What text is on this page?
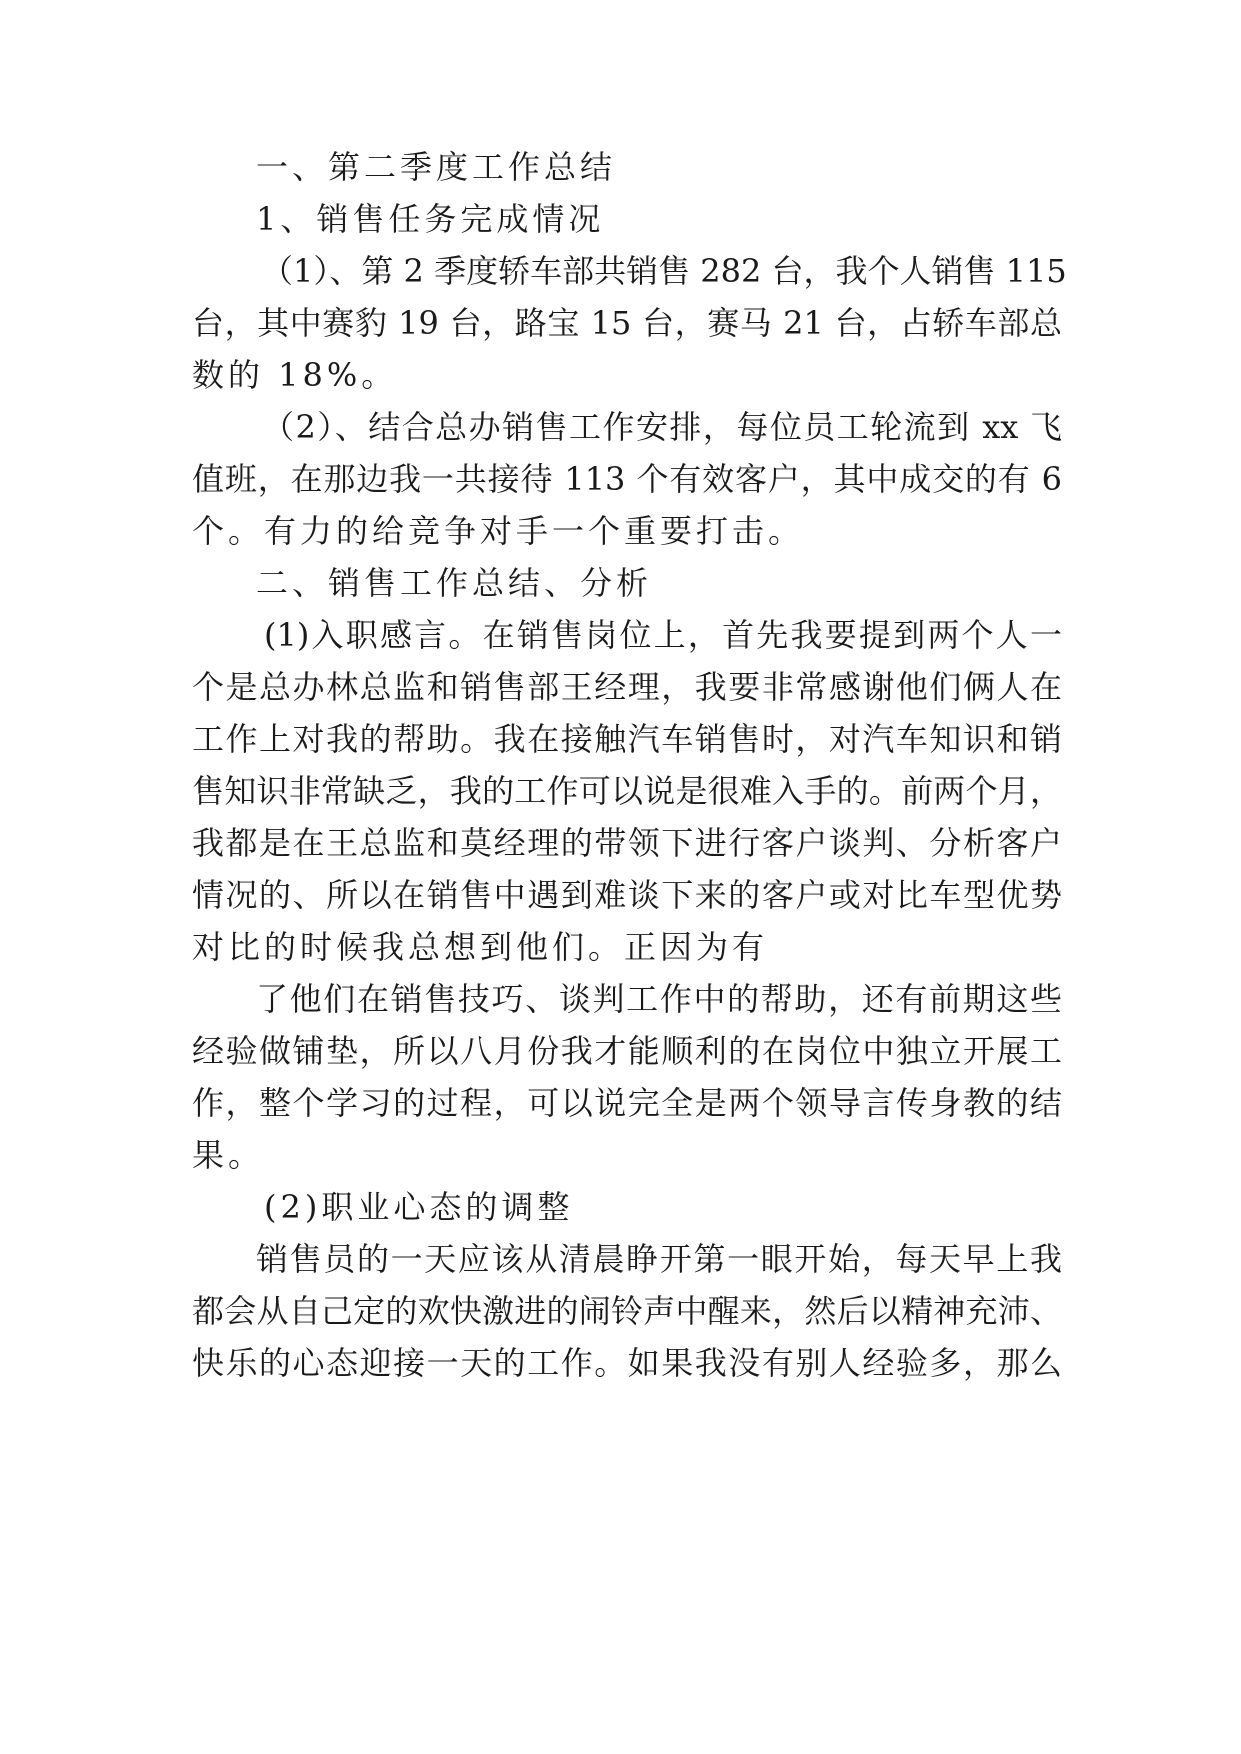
一、第二季度工作总结
1、销售任务完成情况
（1）、第 2 季度轿车部共销售 282 台，我个人销售 115
台，其中赛豹 19 台，路宝 15 台，赛马 21 台，占轿车部总
数的 18%。
（2）、结合总办销售工作安排，每位员工轮流到 xx 飞
值班，在那边我一共接待 113 个有效客户，其中成交的有 6
个。有力的给竞争对手一个重要打击。
二、销售工作总结、分析
(1)入职感言。在销售岗位上，首先我要提到两个人一
个是总办林总监和销售部王经理，我要非常感谢他们俩人在
工作上对我的帮助。我在接触汽车销售时，对汽车知识和销
售知识非常缺乏，我的工作可以说是很难入手的。前两个月，
我都是在王总监和莫经理的带领下进行客户谈判、分析客户
情况的、所以在销售中遇到难谈下来的客户或对比车型优势
对比的时候我总想到他们。正因为有
了他们在销售技巧、谈判工作中的帮助，还有前期这些
经验做铺垫，所以八月份我才能顺利的在岗位中独立开展工
作，整个学习的过程，可以说完全是两个领导言传身教的结
果。
(2)职业心态的调整
销售员的一天应该从清晨睁开第一眼开始，每天早上我
都会从自己定的欢快激进的闹铃声中醒来，然后以精神充沛、
快乐的心态迎接一天的工作。如果我没有别人经验多，那么
